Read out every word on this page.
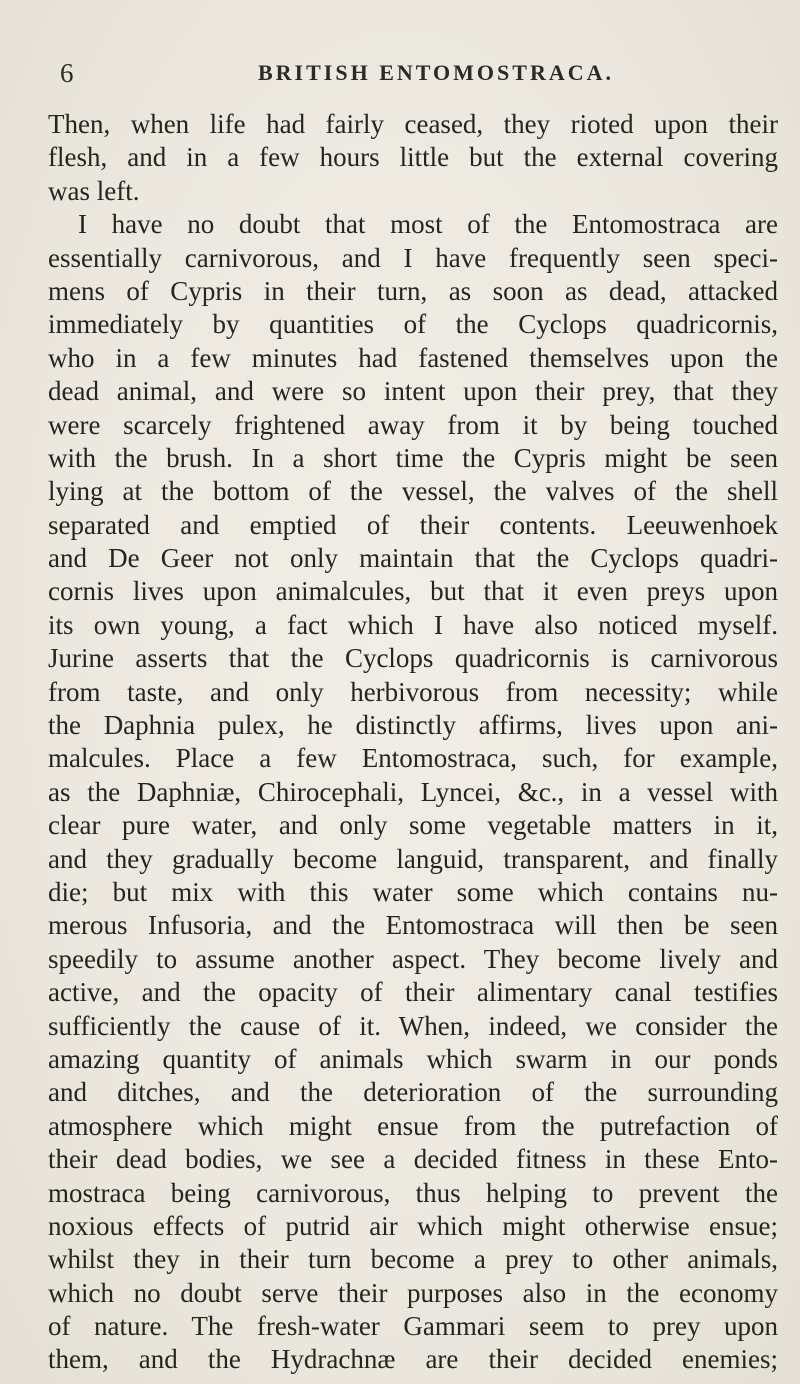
6	BRITISH ENTOMOSTRACA.
Then, when life had fairly ceased, they rioted upon their
flesh, and in a few hours little but the external covering
was left.
I have no doubt that most of the Entomostraca are
essentially carnivorous, and I have frequently seen speci-
mens of Cypris in their turn, as soon as dead, attacked
immediately by quantities of the Cyclops quadricornis,
who in a few minutes had fastened themselves upon the
dead animal, and were so intent upon their prey, that they
were scarcely frightened away from it by being touched
with the brush. In a short time the Cypris might be seen
lying at the bottom of the vessel, the valves of the shell
separated and emptied of their contents. Leeuwenhoek
and De Geer not only maintain that the Cyclops quadri-
cornis lives upon animalcules, but that it even preys upon
its own young, a fact which I have also noticed myself.
Jurine asserts that the Cyclops quadricornis is carnivorous
from taste, and only herbivorous from necessity; while
the Daphnia pulex, he distinctly affirms, lives upon ani-
malcules. Place a few Entomostraca, such, for example,
as the Daphniæ, Chirocephali, Lyncei, &c., in a vessel with
clear pure water, and only some vegetable matters in it,
and they gradually become languid, transparent, and finally
die; but mix with this water some which contains nu-
merous Infusoria, and the Entomostraca will then be seen
speedily to assume another aspect. They become lively and
active, and the opacity of their alimentary canal testifies
sufficiently the cause of it. When, indeed, we consider the
amazing quantity of animals which swarm in our ponds
and ditches, and the deterioration of the surrounding
atmosphere which might ensue from the putrefaction of
their dead bodies, we see a decided fitness in these Ento-
mostraca being carnivorous, thus helping to prevent the
noxious effects of putrid air which might otherwise ensue;
whilst they in their turn become a prey to other animals,
which no doubt serve their purposes also in the economy
of nature. The fresh-water Gammari seem to prey upon
them, and the Hydrachnæ are their decided enemies;
